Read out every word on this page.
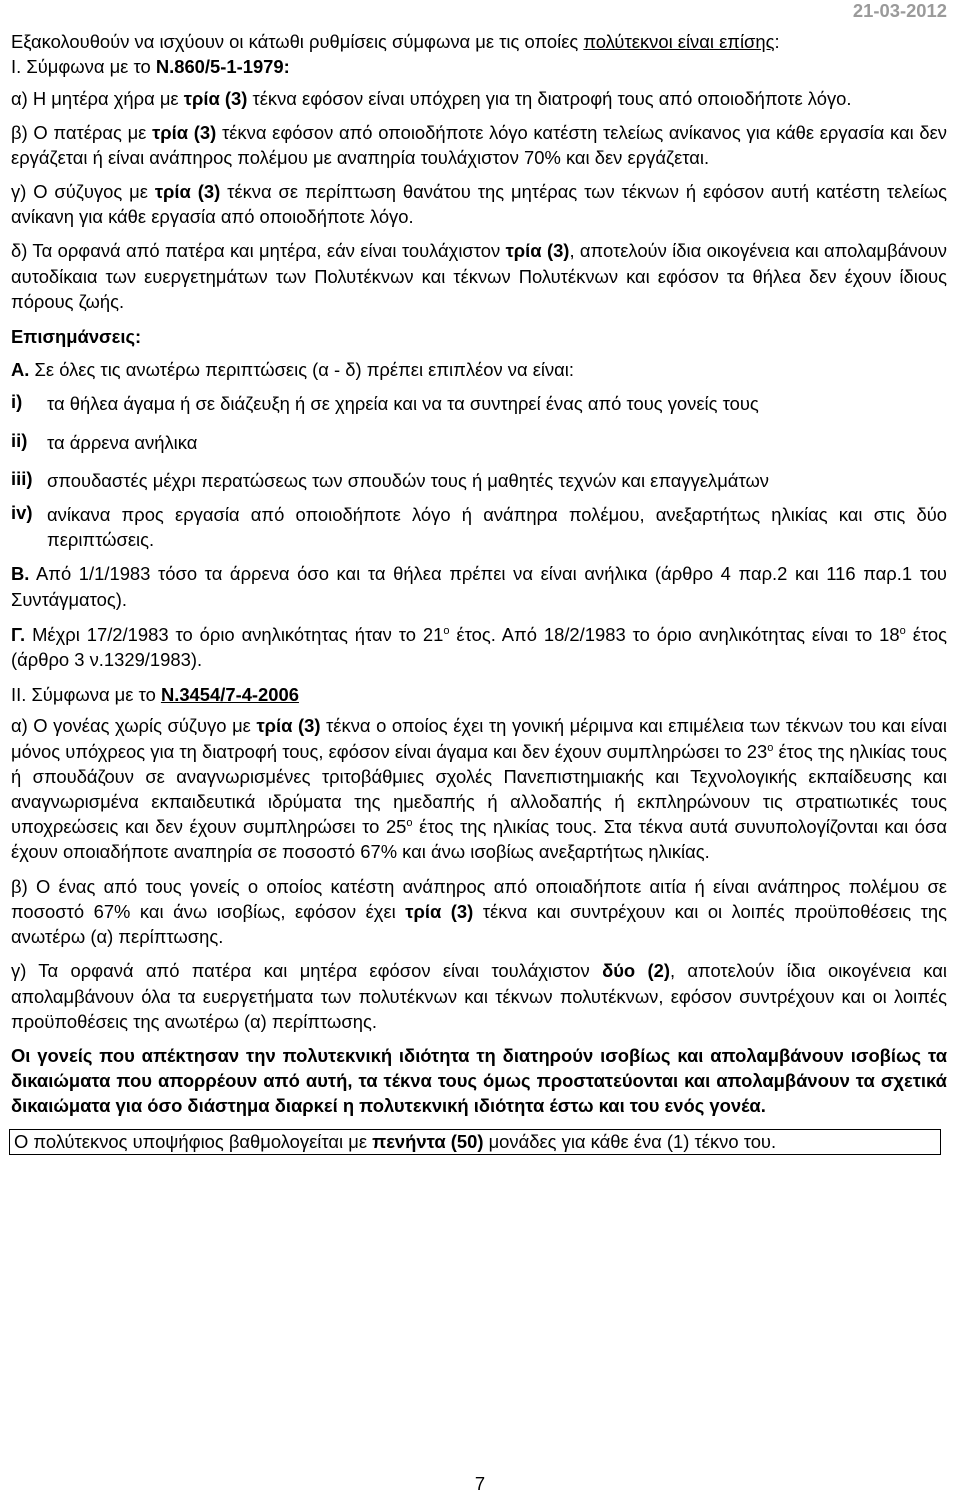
21-03-2012

Εξακολουθούν να ισχύουν οι κάτωθι ρυθμίσεις σύμφωνα με τις οποίες πολύτεκνοι είναι επίσης:

Ι. Σύμφωνα με το Ν.860/5-1-1979:

α) Η μητέρα χήρα με τρία (3) τέκνα εφόσον είναι υπόχρεη για τη διατροφή τους από οποιοδήποτε λόγο.

β) Ο πατέρας με τρία (3) τέκνα εφόσον από οποιοδήποτε λόγο κατέστη τελείως ανίκανος για κάθε εργασία και δεν εργάζεται ή είναι ανάπηρος πολέμου με αναπηρία τουλάχιστον 70% και δεν εργάζεται.

γ) Ο σύζυγος με τρία (3) τέκνα σε περίπτωση θανάτου της μητέρας των τέκνων ή εφόσον αυτή κατέστη τελείως ανίκανη για κάθε εργασία από οποιοδήποτε λόγο.

δ) Τα ορφανά από πατέρα και μητέρα, εάν είναι τουλάχιστον τρία (3), αποτελούν ίδια οικογένεια και απολαμβάνουν αυτοδίκαια των ευεργετημάτων των Πολυτέκνων και τέκνων Πολυτέκνων και εφόσον τα θήλεα δεν έχουν ίδιους πόρους ζωής.

Επισημάνσεις:

Α. Σε όλες τις ανωτέρω περιπτώσεις (α - δ) πρέπει επιπλέον να είναι:

i)	τα θήλεα άγαμα ή σε διάζευξη ή σε χηρεία και να τα συντηρεί ένας από τους γονείς τους
ii)	τα άρρενα ανήλικα
iii) σπουδαστές μέχρι περατώσεως των σπουδών τους ή μαθητές τεχνών και επαγγελμάτων
iv) ανίκανα προς εργασία από οποιοδήποτε λόγο ή ανάπηρα πολέμου, ανεξαρτήτως ηλικίας και στις δύο περιπτώσεις.

Β. Από 1/1/1983 τόσο τα άρρενα όσο και τα θήλεα πρέπει να είναι ανήλικα (άρθρο 4 παρ.2 και 116 παρ.1 του Συντάγματος).

Γ. Μέχρι 17/2/1983 το όριο ανηλικότητας ήταν το $21^o$ έτος. Από 18/2/1983 το όριο ανηλικότητας είναι το $18^o$ έτος (άρθρο 3 ν.1329/1983).

ΙΙ. Σύμφωνα με το Ν.3454/7-4-2006

α) Ο γονέας χωρίς σύζυγο με τρία (3) τέκνα ο οποίος έχει τη γονική μέριμνα και επιμέλεια των τέκνων του και είναι μόνος υπόχρεος για τη διατροφή τους, εφόσον είναι άγαμα και δεν έχουν συμπληρώσει το $23^o$ έτος της ηλικίας τους ή σπουδάζουν σε αναγνωρισμένες τριτοβάθμιες σχολές Πανεπιστημιακής και Τεχνολογικής εκπαίδευσης και αναγνωρισμένα εκπαιδευτικά ιδρύματα της ημεδαπής ή αλλοδαπής ή εκπληρώνουν τις στρατιωτικές τους υποχρεώσεις και δεν έχουν συμπληρώσει το $25^o$ έτος της ηλικίας τους. Στα τέκνα αυτά συνυπολογίζονται και όσα έχουν οποιαδήποτε αναπηρία σε ποσοστό 67% και άνω ισοβίως ανεξαρτήτως ηλικίας.

β) Ο ένας από τους γονείς ο οποίος κατέστη ανάπηρος από οποιαδήποτε αιτία ή είναι ανάπηρος πολέμου σε ποσοστό 67% και άνω ισοβίως, εφόσον έχει τρία (3) τέκνα και συντρέχουν και οι λοιπές προϋποθέσεις της ανωτέρω (α) περίπτωσης.

γ) Τα ορφανά από πατέρα και μητέρα εφόσον είναι τουλάχιστον δύο (2), αποτελούν ίδια οικογένεια και απολαμβάνουν όλα τα ευεργετήματα των πολυτέκνων και τέκνων πολυτέκνων, εφόσον συντρέχουν και οι λοιπές προϋποθέσεις της ανωτέρω (α) περίπτωσης.

Οι γονείς που απέκτησαν την πολυτεκνική ιδιότητα τη διατηρούν ισοβίως και απολαμβάνουν ισοβίως τα δικαιώματα που απορρέουν από αυτή, τα τέκνα τους όμως προστατεύονται και απολαμβάνουν τα σχετικά δικαιώματα για όσο διάστημα διαρκεί η πολυτεκνική ιδιότητα έστω και του ενός γονέα.

Ο πολύτεκνος υποψήφιος βαθμολογείται με πενήντα (50) μονάδες για κάθε ένα (1) τέκνο του.

7
